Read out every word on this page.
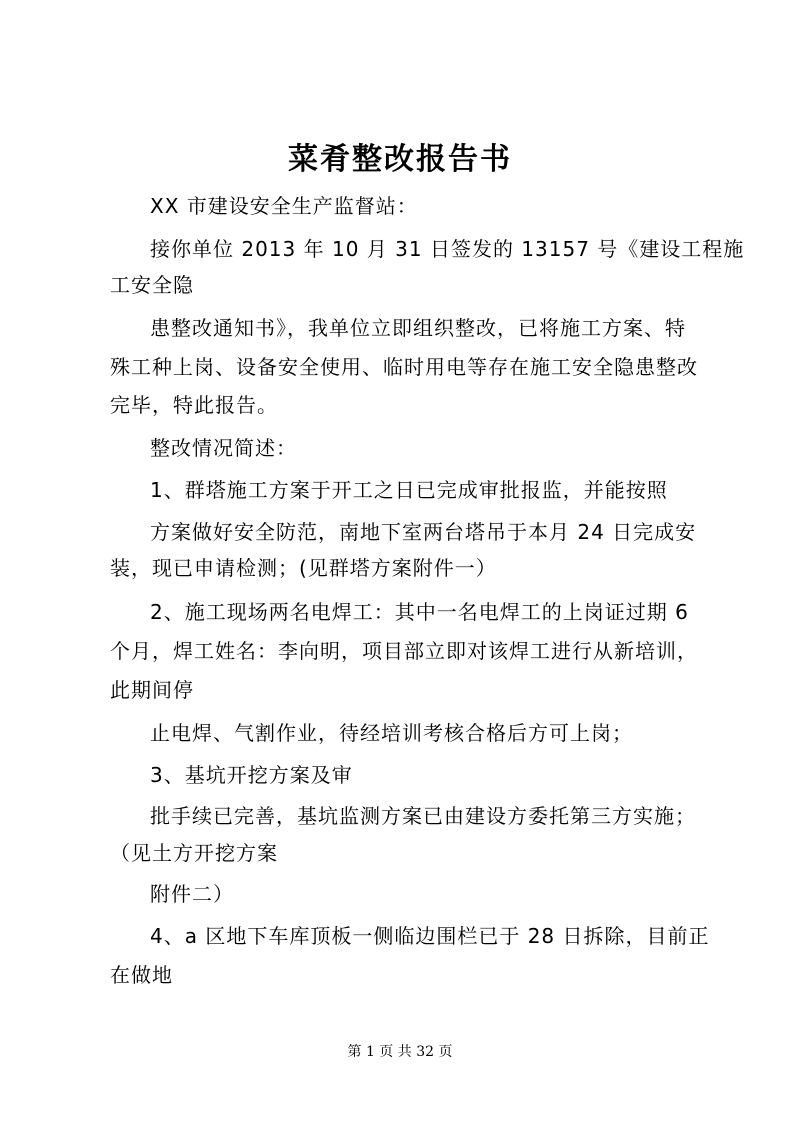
菜肴整改报告书
XX 市建设安全生产监督站：
接你单位 2013 年 10 月 31 日签发的 13157 号《建设工程施
工安全隐
患整改通知书》，我单位立即组织整改，已将施工方案、特
殊工种上岗、设备安全使用、临时用电等存在施工安全隐患整改
完毕，特此报告。
整改情况简述：
1、群塔施工方案于开工之日已完成审批报监，并能按照
方案做好安全防范，南地下室两台塔吊于本月 24 日完成安
装，现已申请检测；(见群塔方案附件一）
2、施工现场两名电焊工：其中一名电焊工的上岗证过期 6
个月，焊工姓名：李向明，项目部立即对该焊工进行从新培训，
此期间停
止电焊、气割作业，待经培训考核合格后方可上岗；
3、基坑开挖方案及审
批手续已完善，基坑监测方案已由建设方委托第三方实施；
（见土方开挖方案
附件二）
4、a 区地下车库顶板一侧临边围栏已于 28 日拆除，目前正
在做地
第 1 页 共 32 页
